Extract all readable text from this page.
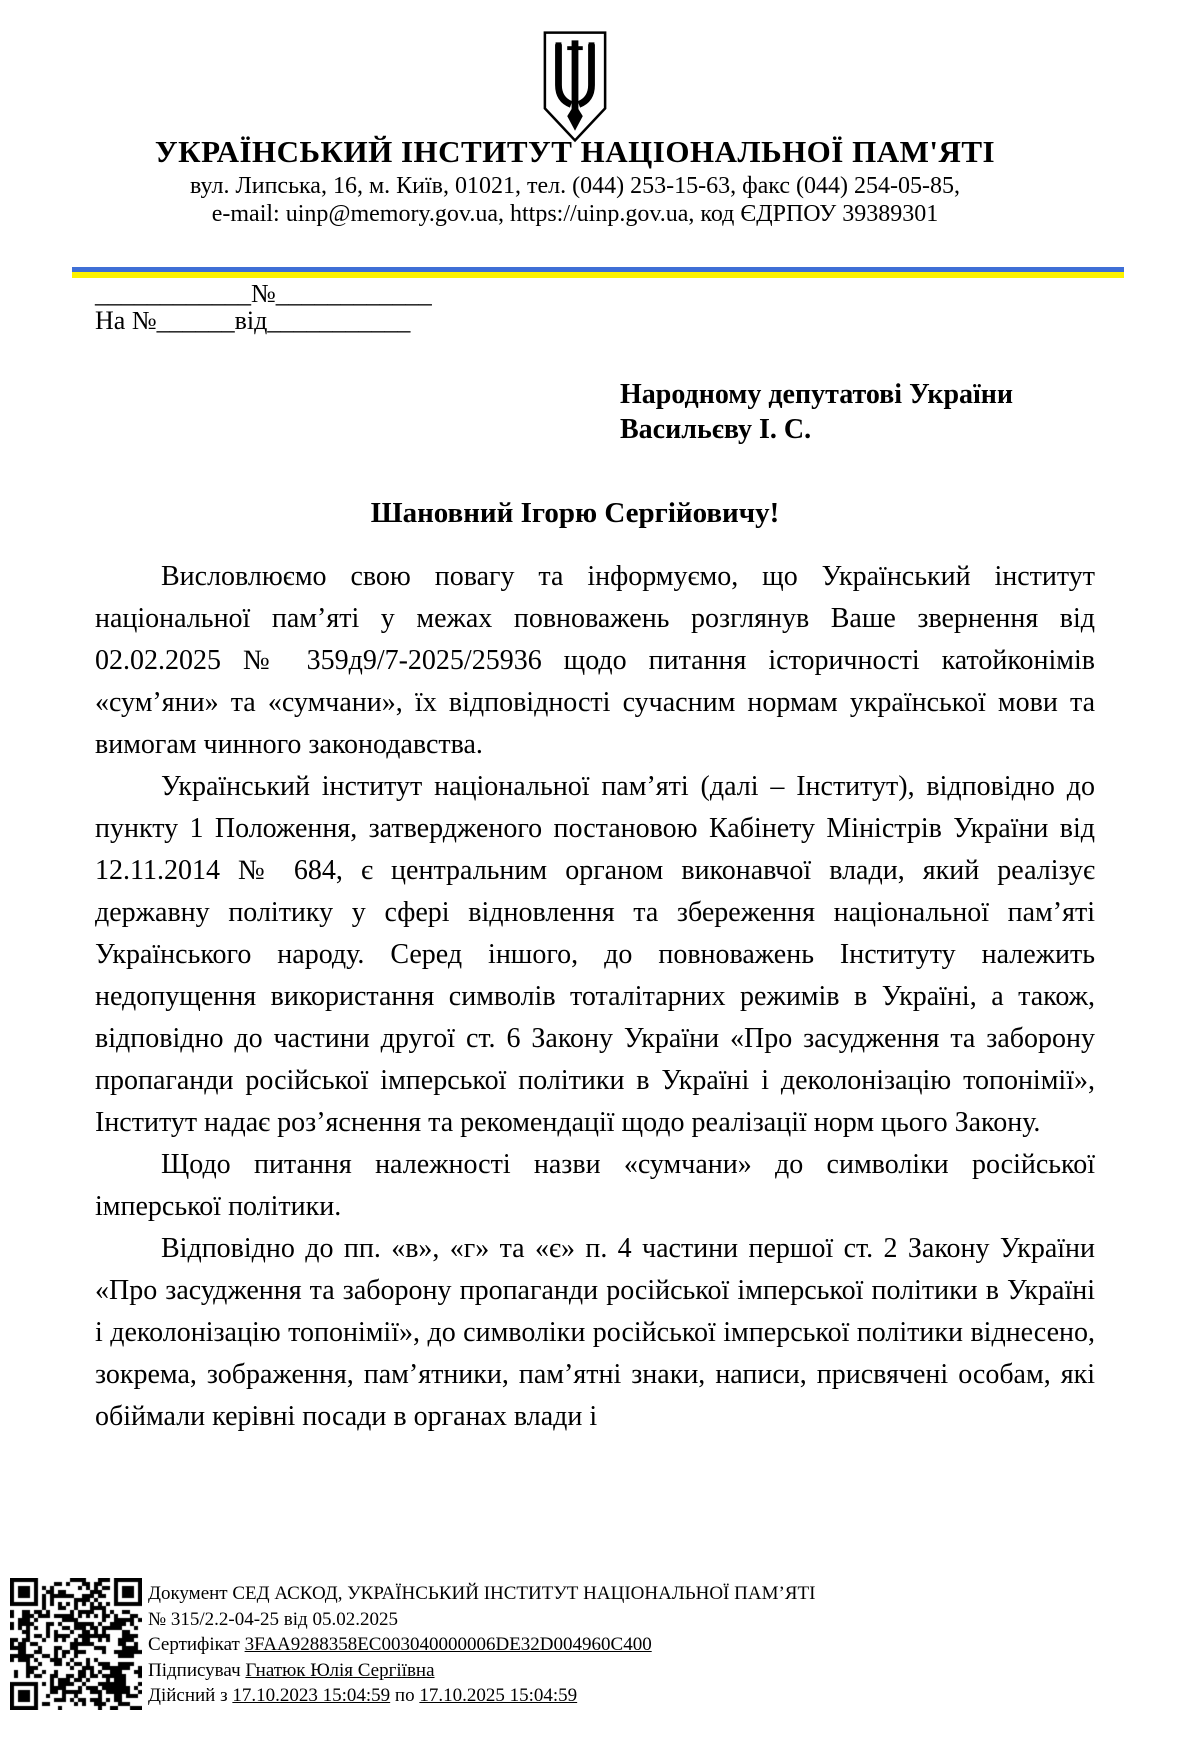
УКРАЇНСЬКИЙ ІНСТИТУТ НАЦІОНАЛЬНОЇ ПАМ'ЯТІ
вул. Липська, 16, м. Київ, 01021, тел. (044) 253-15-63, факс (044) 254-05-85,
e-mail: uinp@memory.gov.ua, https://uinp.gov.ua, код ЄДРПОУ 39389301
____________№____________
На №______від___________
Народному депутатові України
Васильєву І. С.
Шановний Ігорю Сергійовичу!

Висловлюємо свою повагу та інформуємо, що Український інститут національної пам’яті у межах повноважень розглянув Ваше звернення від 02.02.2025 № 359д9/7-2025/25936 щодо питання історичності катойконімів «сум’яни» та «сумчани», їх відповідності сучасним нормам української мови та вимогам чинного законодавства.

Український інститут національної пам’яті (далі – Інститут), відповідно до пункту 1 Положення, затвердженого постановою Кабінету Міністрів України від 12.11.2014 № 684, є центральним органом виконавчої влади, який реалізує державну політику у сфері відновлення та збереження національної пам’яті Українського народу. Серед іншого, до повноважень Інституту належить недопущення використання символів тоталітарних режимів в Україні, а також, відповідно до частини другої ст. 6 Закону України «Про засудження та заборону пропаганди російської імперської політики в Україні і деколонізацію топонімії», Інститут надає роз’яснення та рекомендації щодо реалізації норм цього Закону.

Щодо питання належності назви «сумчани» до символіки російської імперської політики.

Відповідно до пп. «в», «г» та «є» п. 4 частини першої ст. 2 Закону України «Про засудження та заборону пропаганди російської імперської політики в Україні і деколонізацію топонімії», до символіки російської імперської політики віднесено, зокрема, зображення, пам’ятники, пам’ятні знаки, написи, присвячені особам, які обіймали керівні посади в органах влади і

Документ СЕД АСКОД, УКРАЇНСЬКИЙ ІНСТИТУТ НАЦІОНАЛЬНОЇ ПАМ’ЯТІ
№ 315/2.2-04-25 від 05.02.2025
Сертифікат 3FAA9288358EC003040000006DE32D004960C400
Підписувач Гнатюк Юлія Сергіївна
Дійсний з 17.10.2023 15:04:59 по 17.10.2025 15:04:59
